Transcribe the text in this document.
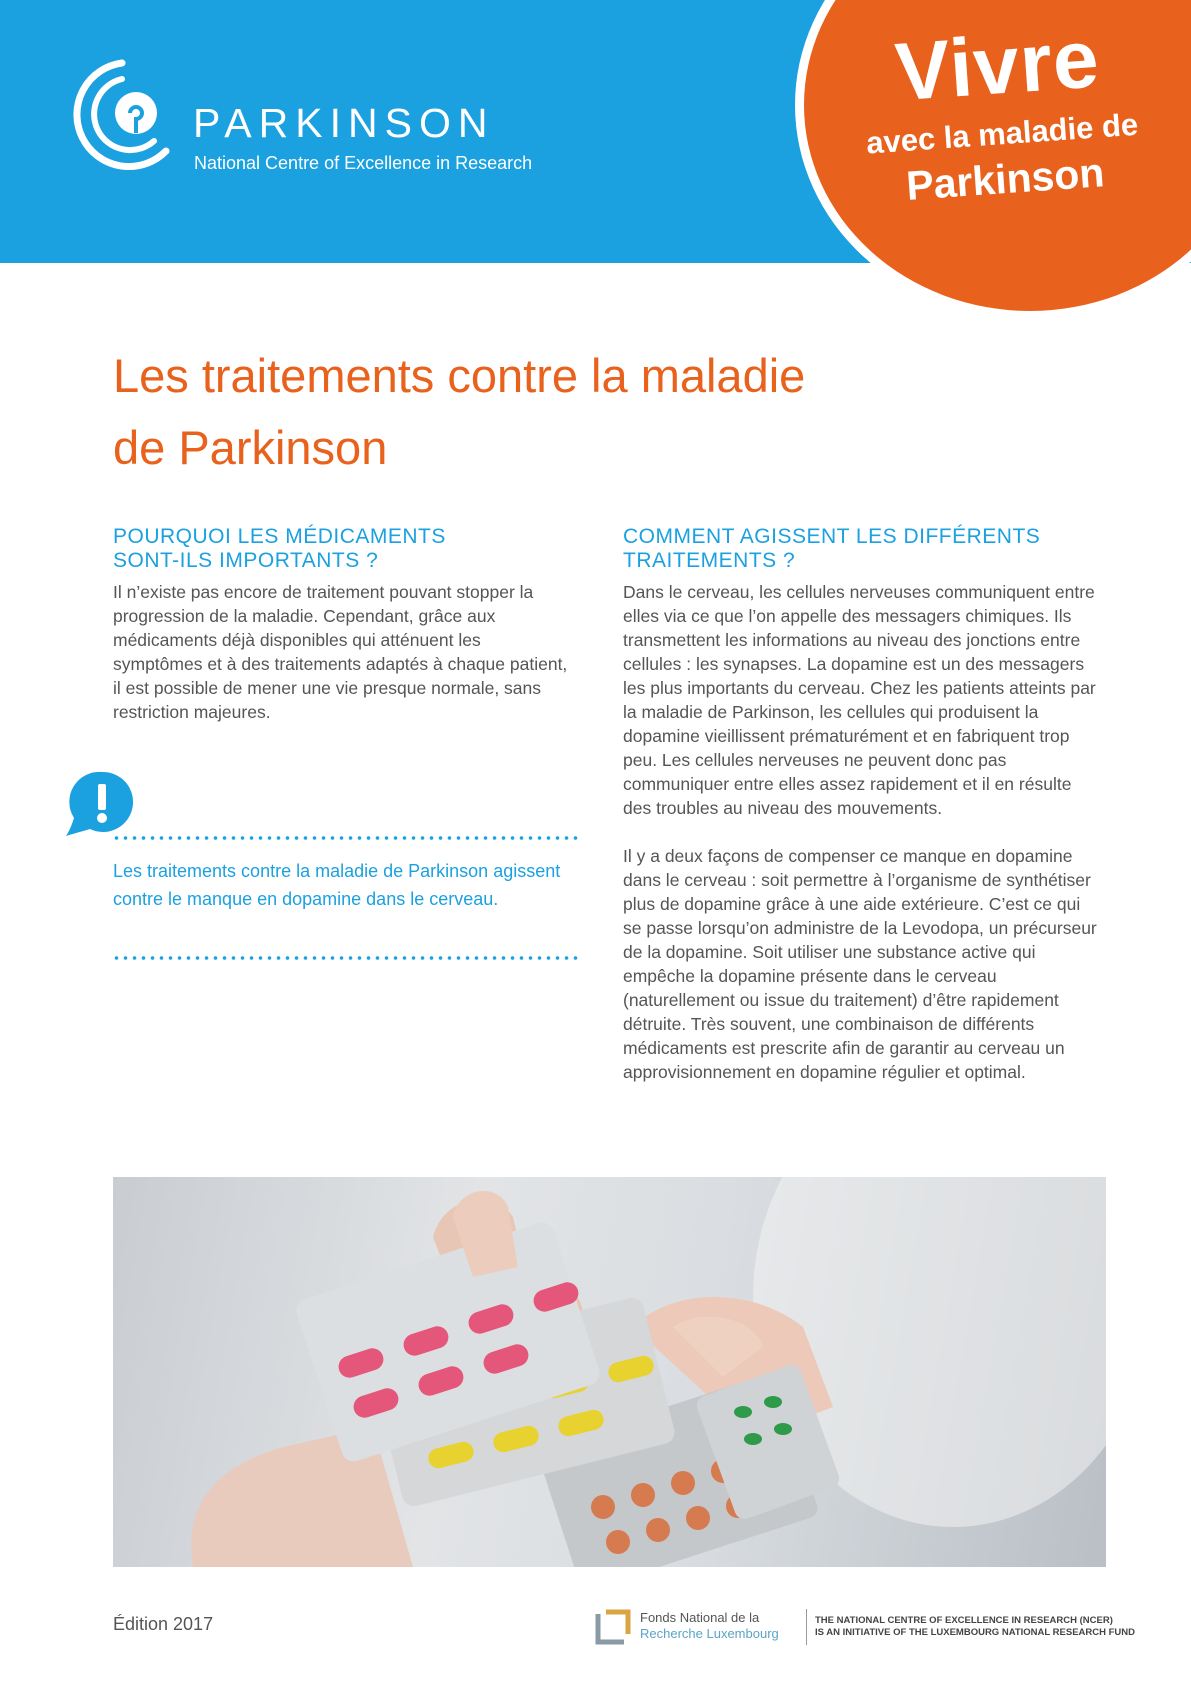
PARKINSON
National Centre of Excellence in Research
Vivre
avec la maladie de
Parkinson
Les traitements contre la maladie
de Parkinson
POURQUOI LES MÉDICAMENTS
SONT-ILS IMPORTANTS ?

Il n’existe pas encore de traitement pouvant stopper la progression de la maladie. Cependant, grâce aux médicaments déjà disponibles qui atténuent les symptômes et à des traitements adaptés à chaque patient, il est possible de mener une vie presque normale, sans restriction majeures.

Les traitements contre la maladie de Parkinson agissent contre le manque en dopamine dans le cerveau.

COMMENT AGISSENT LES DIFFÉRENTS
TRAITEMENTS ?

Dans le cerveau, les cellules nerveuses communiquent entre elles via ce que l’on appelle des messagers chimiques. Ils transmettent les informations au niveau des jonctions entre cellules : les synapses. La dopamine est un des messagers les plus importants du cerveau. Chez les patients atteints par la maladie de Parkinson, les cellules qui produisent la dopamine vieillissent prématurément et en fabriquent trop peu. Les cellules nerveuses ne peuvent donc pas communiquer entre elles assez rapidement et il en résulte des troubles au niveau des mouvements.

Il y a deux façons de compenser ce manque en dopamine dans le cerveau : soit permettre à l’organisme de synthétiser plus de dopamine grâce à une aide extérieure. C’est ce qui se passe lorsqu’on administre de la Levodopa, un précurseur de la dopamine. Soit utiliser une substance active qui empêche la dopamine présente dans le cerveau (naturellement ou issue du traitement) d’être rapidement détruite. Très souvent, une combinaison de différents médicaments est prescrite afin de garantir au cerveau un approvisionnement en dopamine régulier et optimal.

Édition 2017	Fonds National de la
Recherche Luxembourg
THE NATIONAL CENTRE OF EXCELLENCE IN RESEARCH (NCER)
IS AN INITIATIVE OF THE LUXEMBOURG NATIONAL RESEARCH FUND
